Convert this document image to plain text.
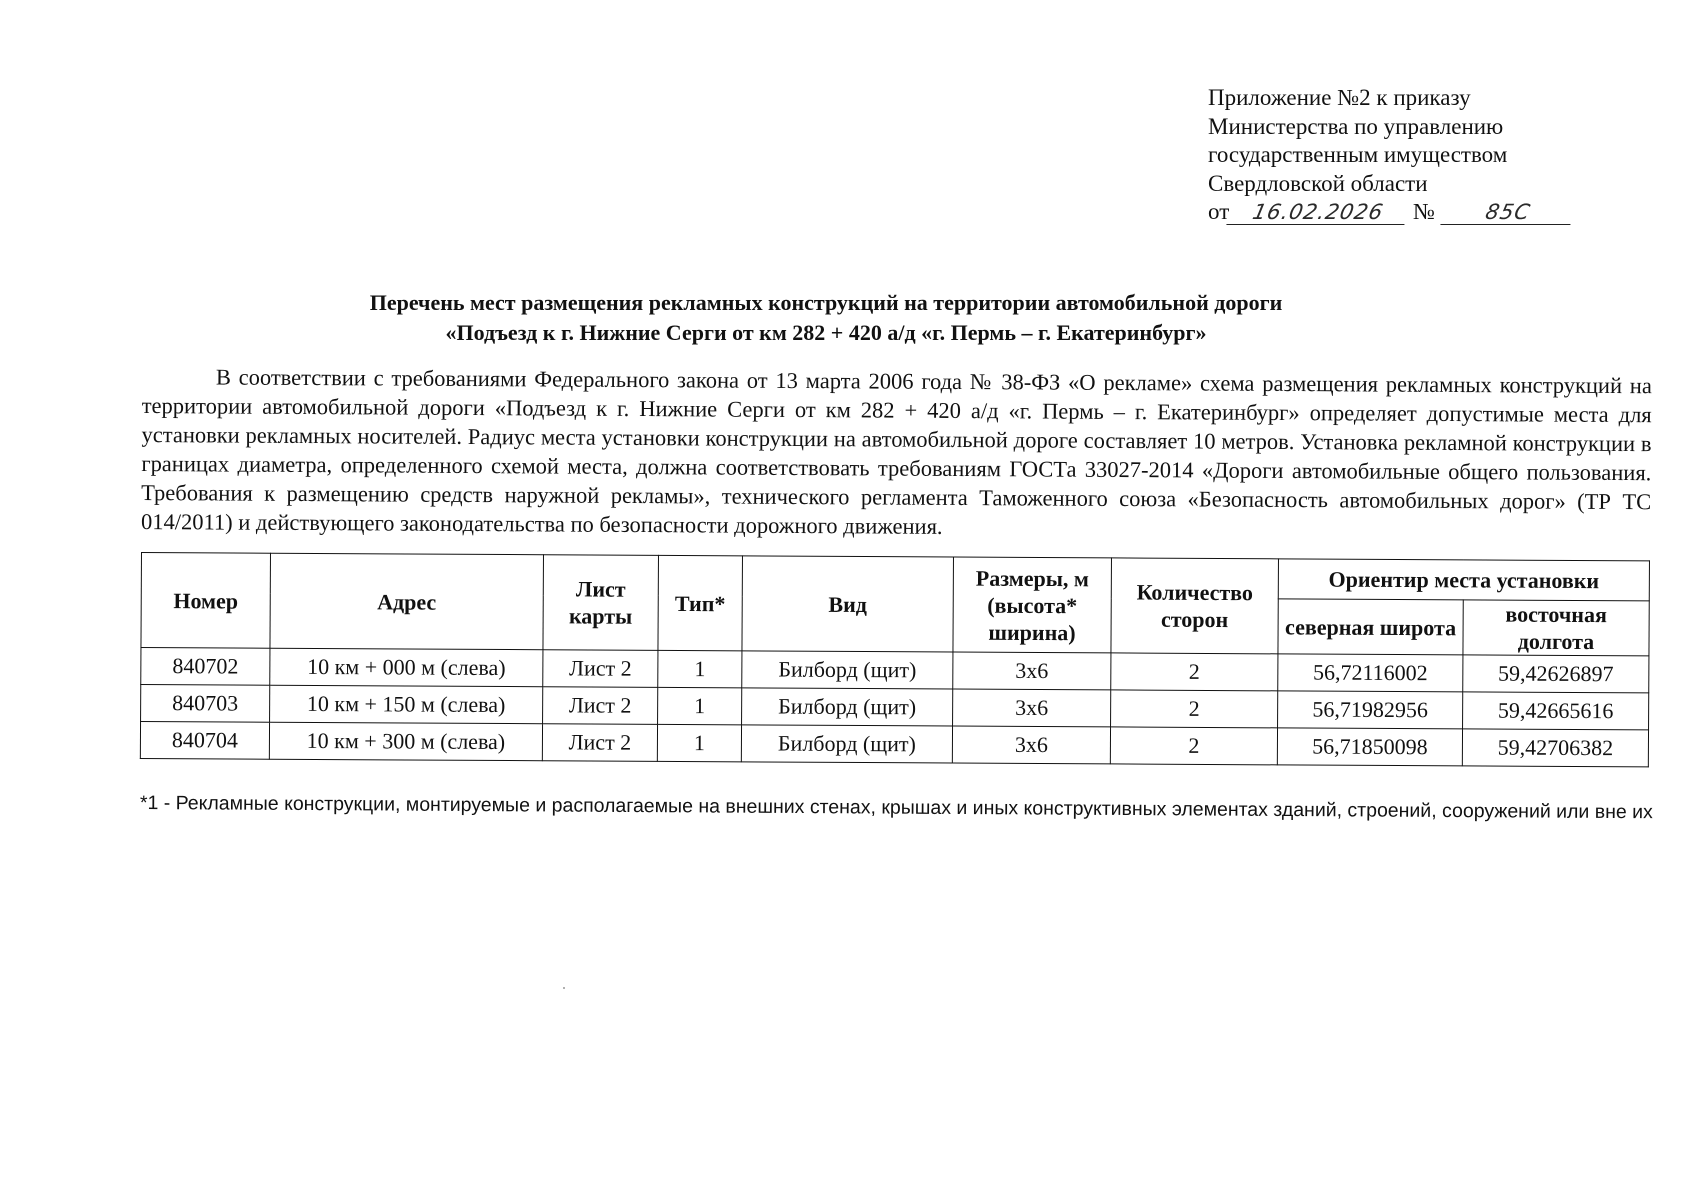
Приложение №2 к приказу
Министерства по управлению
государственным имуществом
Свердловской области
от 16.02.2026 № 85С
Перечень мест размещения рекламных конструкций на территории автомобильной дороги
«Подъезд к г. Нижние Серги от км 282 + 420 а/д «г. Пермь – г. Екатеринбург»
В соответствии с требованиями Федерального закона от 13 марта 2006 года № 38-ФЗ «О рекламе» схема размещения рекламных конструкций на территории автомобильной дороги «Подъезд к г. Нижние Серги от км 282 + 420 а/д «г. Пермь – г. Екатеринбург» определяет допустимые места для установки рекламных носителей. Радиус места установки конструкции на автомобильной дороге составляет 10 метров. Установка рекламной конструкции в границах диаметра, определенного схемой места, должна соответствовать требованиям ГОСТа 33027-2014 «Дороги автомобильные общего пользования. Требования к размещению средств наружной рекламы», технического регламента Таможенного союза «Безопасность автомобильных дорог» (ТР ТС 014/2011) и действующего законодательства по безопасности дорожного движения.
Номер	Адрес	Лист карты	Тип*	Вид	Размеры, м (высота* ширина)	Количество сторон	Ориентир места установки	
							северная широта	восточная долгота
840702	10 км + 000 м (слева)	Лист 2	1	Билборд (щит)	3х6	2	56,72116002	59,42626897
840703	10 км + 150 м (слева)	Лист 2	1	Билборд (щит)	3х6	2	56,71982956	59,42665616
840704	10 км + 300 м (слева)	Лист 2	1	Билборд (щит)	3х6	2	56,71850098	59,42706382
*1 - Рекламные конструкции, монтируемые и располагаемые на внешних стенах, крышах и иных конструктивных элементах зданий, строений, сооружений или вне их
